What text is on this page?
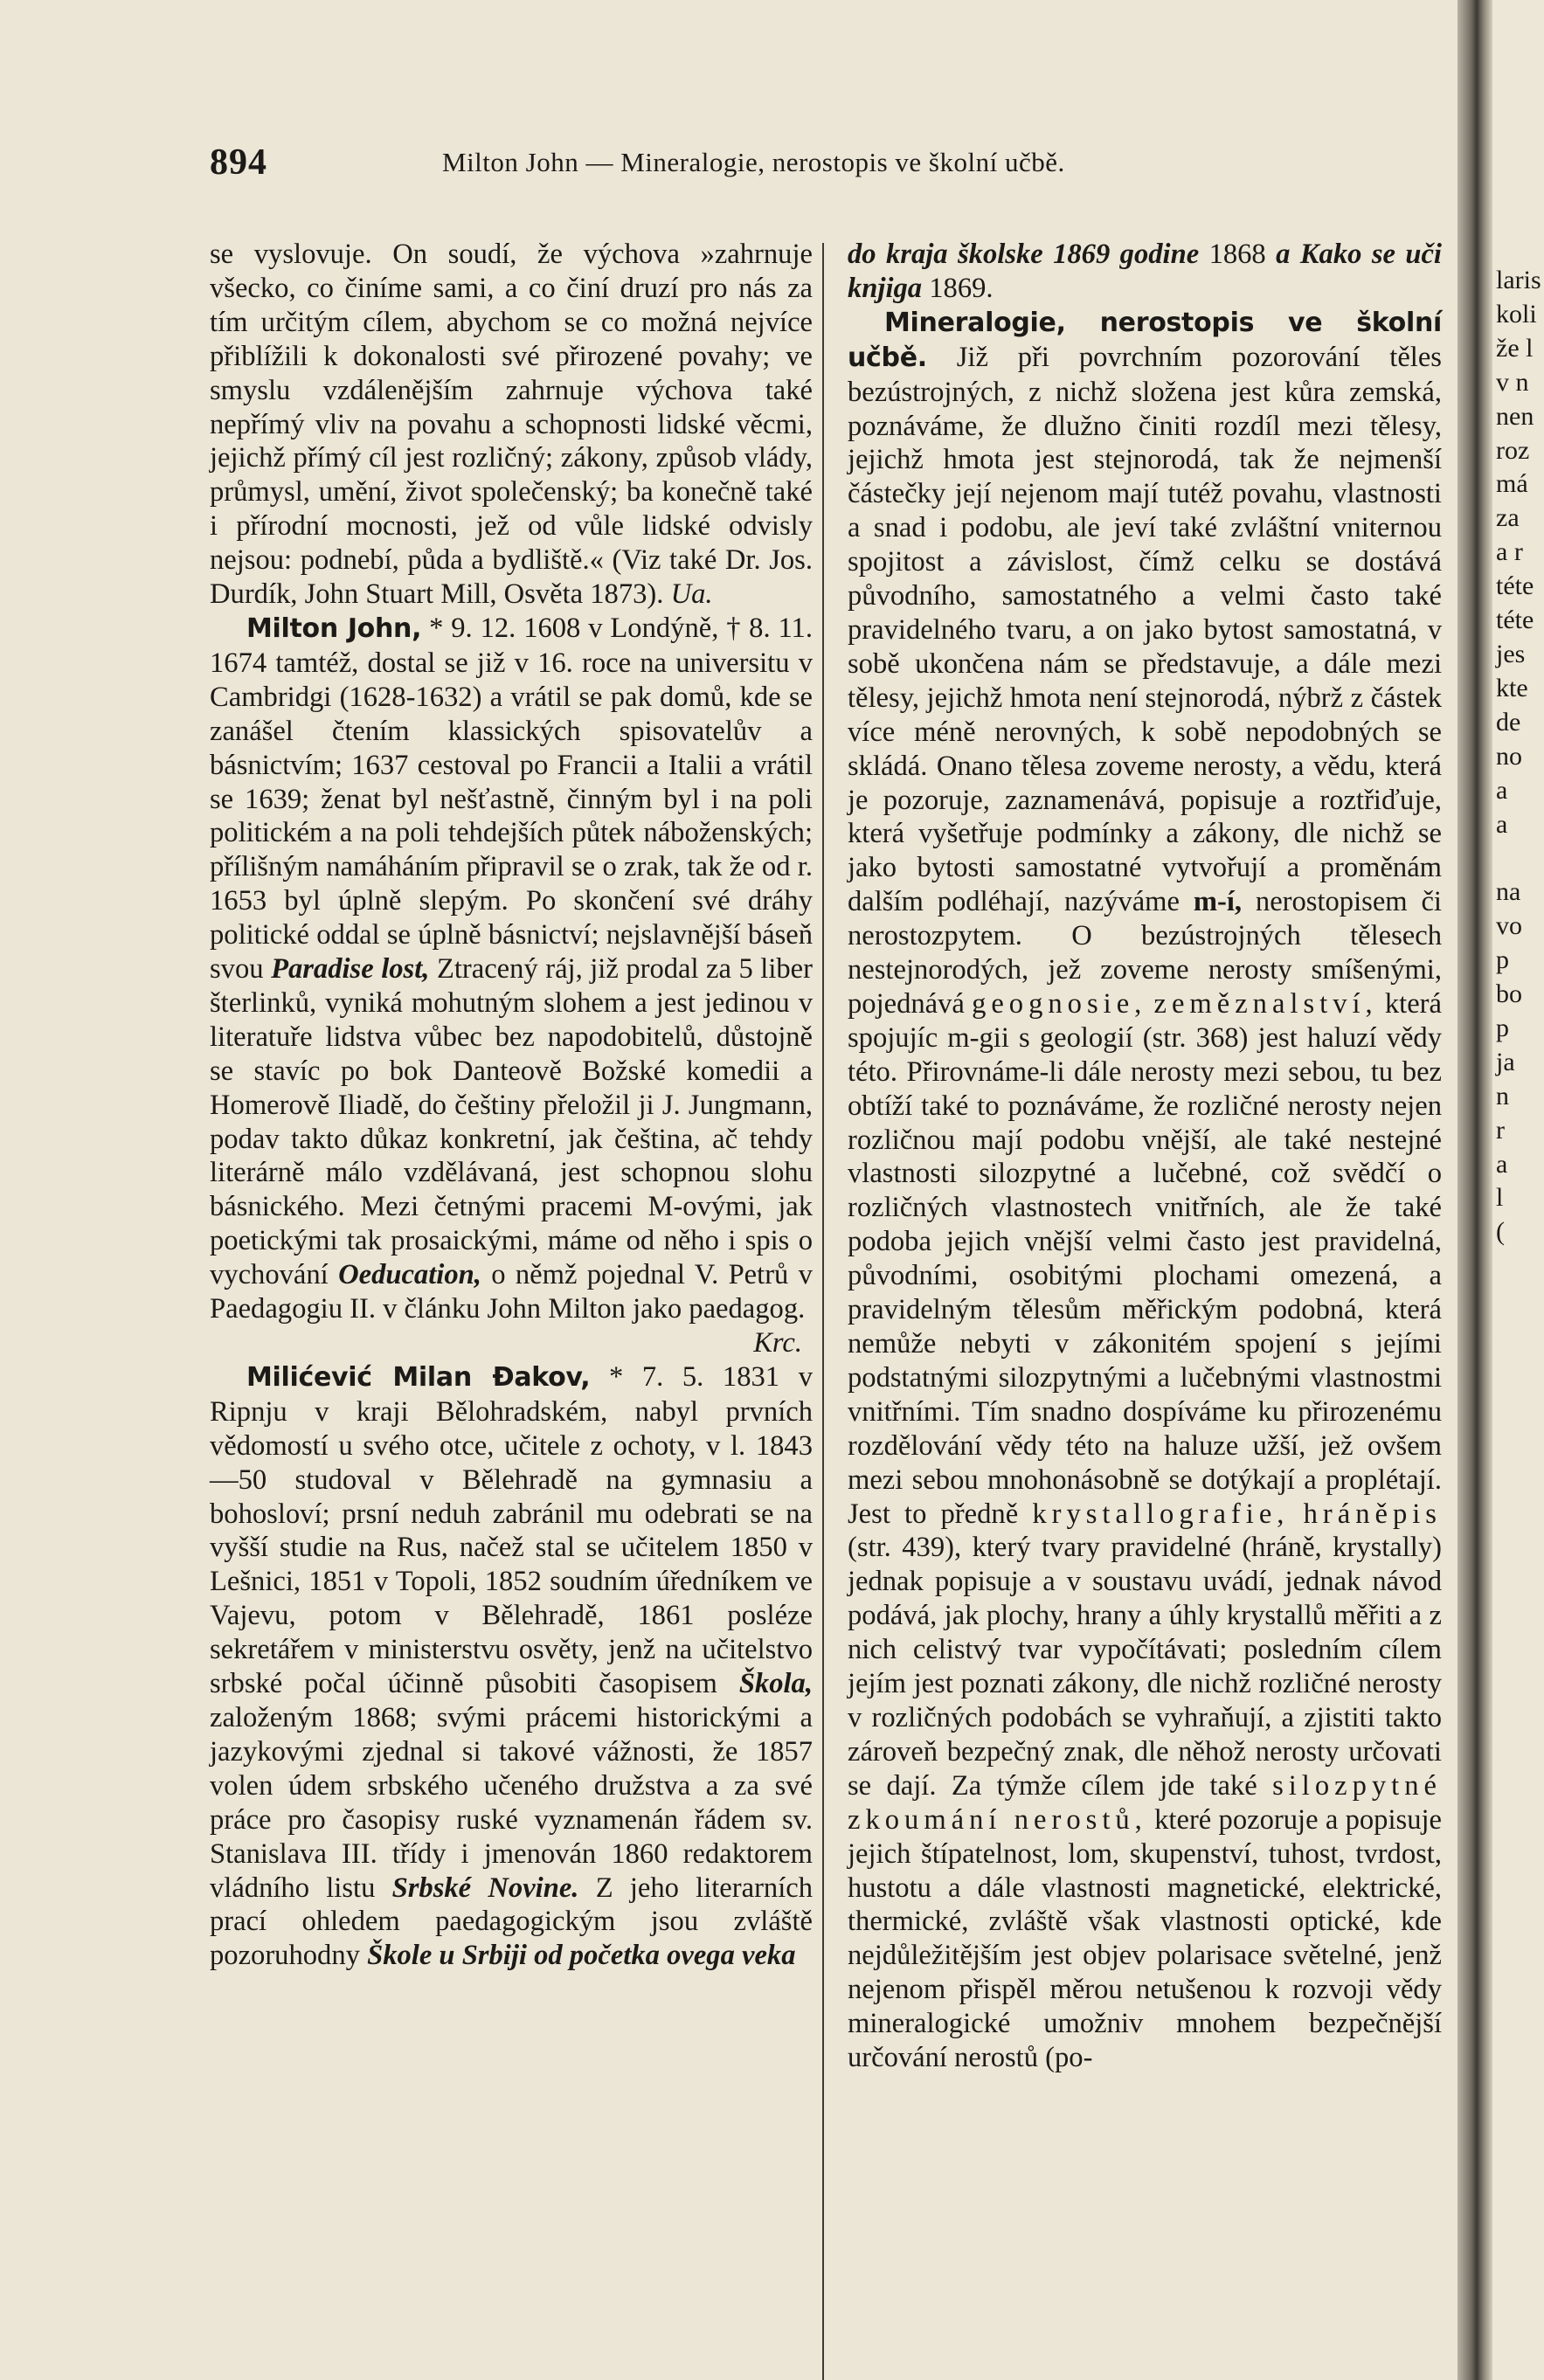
894	Milton John — Mineralogie, nerostopis ve školní učbě.

se vyslovuje. On soudí, že výchova »zahrnuje všecko, co činíme sami, a co činí druzí pro nás za tím určitým cílem, abychom se co možná nejvíce přiblížili k dokonalosti své přirozené povahy; ve smyslu vzdálenějším zahrnuje výchova také nepřímý vliv na povahu a schopnosti lidské věcmi, jejichž přímý cíl jest rozličný; zákony, způsob vlády, průmysl, umění, život společenský; ba konečně také i přírodní mocnosti, jež od vůle lidské odvisly nejsou: podnebí, půda a bydliště.« (Viz také Dr. Jos. Durdík, John Stuart Mill, Osvěta 1873). Ua.

Milton John, * 9. 12. 1608 v Londýně, † 8. 11. 1674 tamtéž, dostal se již v 16. roce na universitu v Cambridgi (1628-1632) a vrátil se pak domů, kde se zanášel čtením klassických spisovatelův a básnictvím; 1637 cestoval po Francii a Italii a vrátil se 1639; ženat byl nešťastně, činným byl i na poli politickém a na poli tehdejších půtek náboženských; přílišným namáháním připravil se o zrak, tak že od r. 1653 byl úplně slepým. Po skončení své dráhy politické oddal se úplně básnictví; nejslavnější báseň svou Paradise lost, Ztracený ráj, již prodal za 5 liber šterlinků, vyniká mohutným slohem a jest jedinou v literatuře lidstva vůbec bez napodobitelů, důstojně se stavíc po bok Danteově Božské komedii a Homerově Iliadě, do češtiny přeložil ji J. Jungmann, podav takto důkaz konkretní, jak čeština, ač tehdy literárně málo vzdělávaná, jest schopnou slohu básnického. Mezi četnými pracemi M-ovými, jak poetickými tak prosaickými, máme od něho i spis o vychování Oeducation, o němž pojednal V. Petrů v Paedagogiu II. v článku John Milton jako paedagog.
Krc.

Milićević Milan Đakov, * 7. 5. 1831 v Ripnju v kraji Bělohradském, nabyl prvních vědomostí u svého otce, učitele z ochoty, v l. 1843—50 studoval v Bělehradě na gymnasiu a bohosloví; prsní neduh zabránil mu odebrati se na vyšší studie na Rus, načež stal se učitelem 1850 v Lešnici, 1851 v Topoli, 1852 soudním úředníkem ve Vajevu, potom v Bělehradě, 1861 posléze sekretářem v ministerstvu osvěty, jenž na učitelstvo srbské počal účinně působiti časopisem Škola, založeným 1868; svými prácemi historickými a jazykovými zjednal si takové vážnosti, že 1857 volen údem srbského učeného družstva a za své práce pro časopisy ruské vyznamenán řádem sv. Stanislava III. třídy i jmenován 1860 redaktorem vládního listu Srbské Novine. Z jeho literarních prací ohledem paedagogickým jsou zvláště pozoruhodny Škole u Srbiji od početka ovega veka

do kraja školske 1869 godine 1868 a Kako se uči knjiga 1869.

Mineralogie, nerostopis ve školní učbě. Již při povrchním pozorování těles bezústrojných, z nichž složena jest kůra zemská, poznáváme, že dlužno činiti rozdíl mezi tělesy, jejichž hmota jest stejnorodá, tak že nejmenší částečky její nejenom mají tutéž povahu, vlastnosti a snad i podobu, ale jeví také zvláštní vniternou spojitost a závislost, čímž celku se dostává původního, samostatného a velmi často také pravidelného tvaru, a on jako bytost samostatná, v sobě ukončena nám se představuje, a dále mezi tělesy, jejichž hmota není stejnorodá, nýbrž z částek více méně nerovných, k sobě nepodobných se skládá. Onano tělesa zoveme nerosty, a vědu, která je pozoruje, zaznamenává, popisuje a roztřiďuje, která vyšetřuje podmínky a zákony, dle nichž se jako bytosti samostatné vytvořují a proměnám dalším podléhají, nazýváme m-í, nerostopisem či nerostozpytem. O bezústrojných tělesech nestejnorodých, jež zoveme nerosty smíšenými, pojednává geognosie, zeměznalství, která spojujíc m-gii s geologií (str. 368) jest haluzí vědy této. Přirovnáme-li dále nerosty mezi sebou, tu bez obtíží také to poznáváme, že rozličné nerosty nejen rozličnou mají podobu vnější, ale také nestejné vlastnosti silozpytné a lučebné, což svědčí o rozličných vlastnostech vnitřních, ale že také podoba jejich vnější velmi často jest pravidelná, původními, osobitými plochami omezená, a pravidelným tělesům měřickým podobná, která nemůže nebyti v zákonitém spojení s jejími podstatnými silozpytnými a lučebnými vlastnostmi vnitřními. Tím snadno dospíváme ku přirozenému rozdělování vědy této na haluze užší, jež ovšem mezi sebou mnohonásobně se dotýkají a proplétají. Jest to předně krystallografie, hráněpis (str. 439), který tvary pravidelné (hráně, krystally) jednak popisuje a v soustavu uvádí, jednak návod podává, jak plochy, hrany a úhly krystallů měřiti a z nich celistvý tvar vypočítávati; posledním cílem jejím jest poznati zákony, dle nichž rozličné nerosty v rozličných podobách se vyhraňují, a zjistiti takto zároveň bezpečný znak, dle něhož nerosty určovati se dají. Za týmže cílem jde také silozpytné zkoumání nerostů, které pozoruje a popisuje jejich štípatelnost, lom, skupenství, tuhost, tvrdost, hustotu a dále vlastnosti magnetické, elektrické, thermické, zvláště však vlastnosti optické, kde nejdůležitějším jest objev polarisace světelné, jenž nejenom přispěl měrou netušenou k rozvoji vědy mineralogické umožniv mnohem bezpečnější určování nerostů (po-

laris
koli
že l
v n
nen
roz
má
za
a r
téte
téte
jes
kte
de
no
a
a

na
vo
p
bo
p
ja
n
r
a
l
(
